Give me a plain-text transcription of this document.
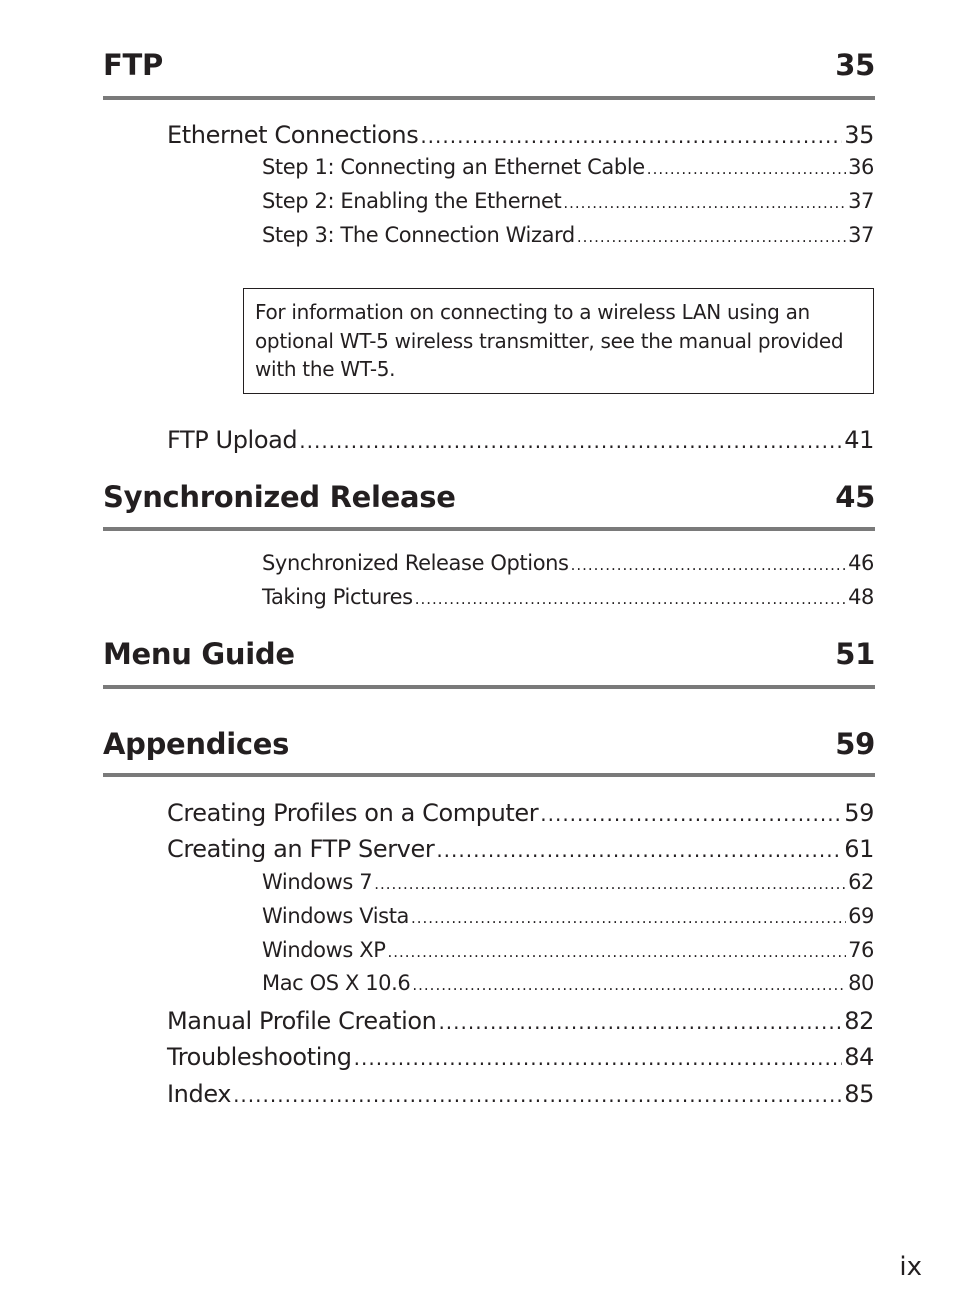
FTP	35
Ethernet Connections .....	35
Step 1: Connecting an Ethernet Cable .....	36
Step 2: Enabling the Ethernet .....	37
Step 3: The Connection Wizard .....	37
For information on connecting to a wireless LAN using an optional WT-5 wireless transmitter, see the manual provided with the WT-5.
FTP Upload .....	41
Synchronized Release	45
Synchronized Release Options .....	46
Taking Pictures .....	48
Menu Guide	51
Appendices	59
Creating Profiles on a Computer .....	59
Creating an FTP Server .....	61
Windows 7 .....	62
Windows Vista .....	69
Windows XP .....	76
Mac OS X 10.6 .....	80
Manual Profile Creation .....	82
Troubleshooting .....	84
Index .....	85
ix
